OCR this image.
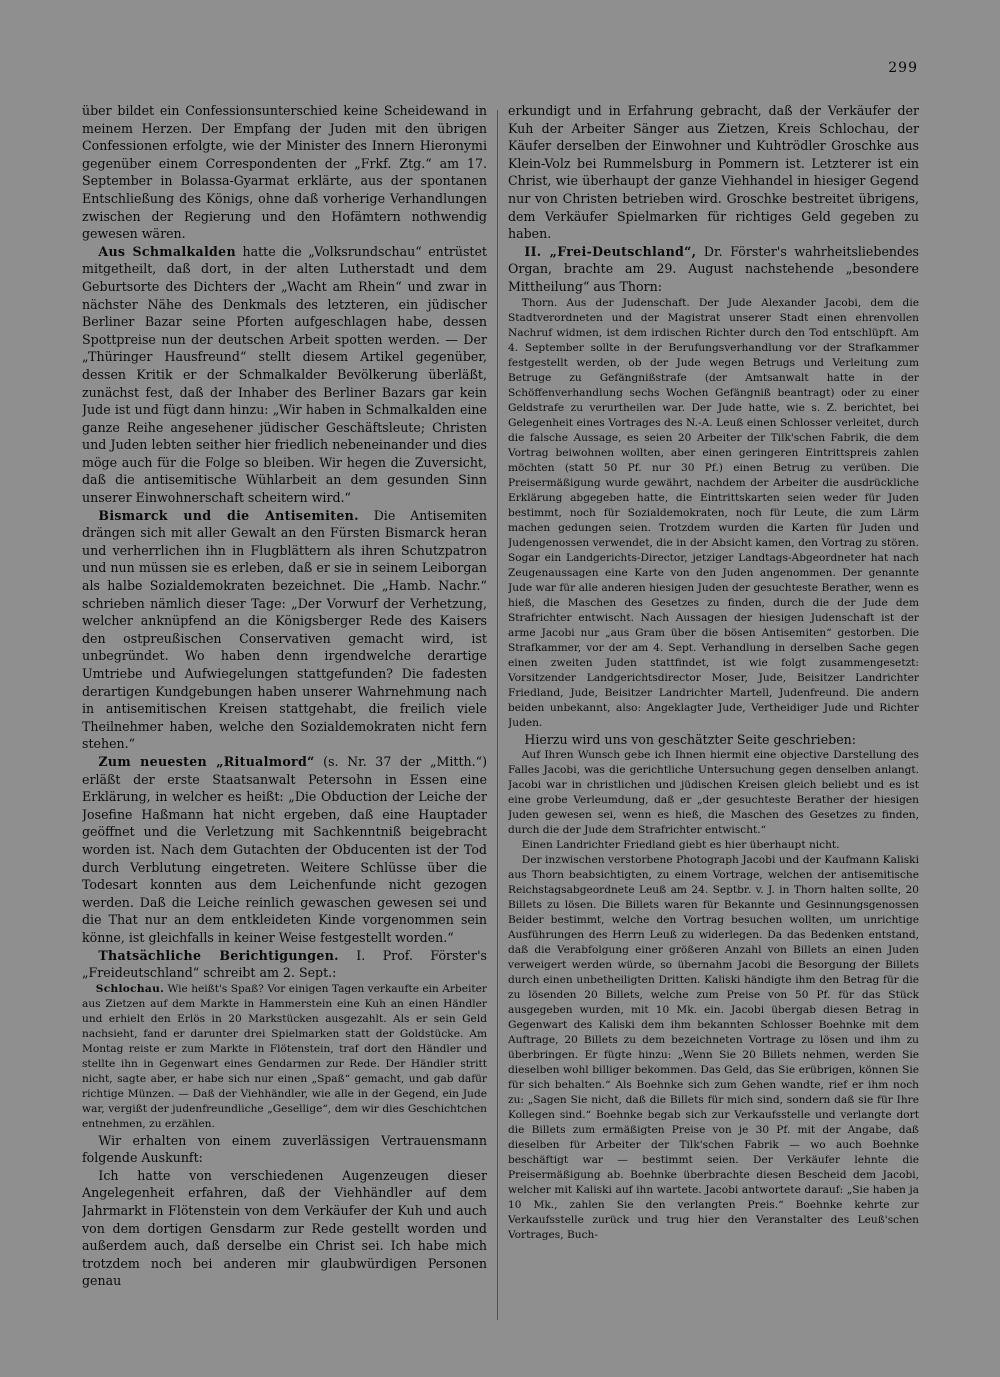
299

über bildet ein Confessionsunterschied keine Scheidewand in meinem Herzen. Der Empfang der Juden mit den übrigen Confessionen erfolgte, wie der Minister des Innern Hieronymi gegenüber einem Correspondenten der „Frkf. Ztg.“ am 17. September in Bolassa-Gyarmat erklärte, aus der spontanen Entschließung des Königs, ohne daß vorherige Verhandlungen zwischen der Regierung und den Hofämtern nothwendig gewesen wären.

Aus Schmalkalden hatte die „Volksrundschau“ entrüstet mitgetheilt, daß dort, in der alten Lutherstadt und dem Geburtsorte des Dichters der „Wacht am Rhein“ und zwar in nächster Nähe des Denkmals des letzteren, ein jüdischer Berliner Bazar seine Pforten aufgeschlagen habe, dessen Spottpreise nun der deutschen Arbeit spotten werden. — Der „Thüringer Hausfreund“ stellt diesem Artikel gegenüber, dessen Kritik er der Schmalkalder Bevölkerung überläßt, zunächst fest, daß der Inhaber des Berliner Bazars gar kein Jude ist und fügt dann hinzu: „Wir haben in Schmalkalden eine ganze Reihe angesehener jüdischer Geschäftsleute; Christen und Juden lebten seither hier friedlich nebeneinander und dies möge auch für die Folge so bleiben. Wir hegen die Zuversicht, daß die antisemitische Wühlarbeit an dem gesunden Sinn unserer Einwohnerschaft scheitern wird.“

Bismarck und die Antisemiten. Die Antisemiten drängen sich mit aller Gewalt an den Fürsten Bismarck heran und verherrlichen ihn in Flugblättern als ihren Schutzpatron und nun müssen sie es erleben, daß er sie in seinem Leiborgan als halbe Sozialdemokraten bezeichnet. Die „Hamb. Nachr.“ schrieben nämlich dieser Tage: „Der Vorwurf der Verhetzung, welcher anknüpfend an die Königsberger Rede des Kaisers den ostpreußischen Conservativen gemacht wird, ist unbegründet. Wo haben denn irgendwelche derartige Umtriebe und Aufwiegelungen stattgefunden? Die fadesten derartigen Kundgebungen haben unserer Wahrnehmung nach in antisemitischen Kreisen stattgehabt, die freilich viele Theilnehmer haben, welche den Sozialdemokraten nicht fern stehen.“

Zum neuesten „Ritualmord“ (s. Nr. 37 der „Mitth.“) erläßt der erste Staatsanwalt Petersohn in Essen eine Erklärung, in welcher es heißt: „Die Obduction der Leiche der Josefine Haßmann hat nicht ergeben, daß eine Hauptader geöffnet und die Verletzung mit Sachkenntniß beigebracht worden ist. Nach dem Gutachten der Obducenten ist der Tod durch Verblutung eingetreten. Weitere Schlüsse über die Todesart konnten aus dem Leichenfunde nicht gezogen werden. Daß die Leiche reinlich gewaschen gewesen sei und die That nur an dem entkleideten Kinde vorgenommen sein könne, ist gleichfalls in keiner Weise festgestellt worden.“

Thatsächliche Berichtigungen. I. Prof. Förster's „Freideutschland“ schreibt am 2. Sept.:

Schlochau. Wie heißt's Spaß? Vor einigen Tagen verkaufte ein Arbeiter aus Zietzen auf dem Markte in Hammerstein eine Kuh an einen Händler und erhielt den Erlös in 20 Markstücken ausgezahlt. Als er sein Geld nachsieht, fand er darunter drei Spielmarken statt der Goldstücke. Am Montag reiste er zum Markte in Flötenstein, traf dort den Händler und stellte ihn in Gegenwart eines Gendarmen zur Rede. Der Händler stritt nicht, sagte aber, er habe sich nur einen „Spaß“ gemacht, und gab dafür richtige Münzen. — Daß der Viehhändler, wie alle in der Gegend, ein Jude war, vergißt der judenfreundliche „Gesellige“, dem wir dies Geschichtchen entnehmen, zu erzählen.

Wir erhalten von einem zuverlässigen Vertrauensmann folgende Auskunft:

Ich hatte von verschiedenen Augenzeugen dieser Angelegenheit erfahren, daß der Viehhändler auf dem Jahrmarkt in Flötenstein von dem Verkäufer der Kuh und auch von dem dortigen Gensdarm zur Rede gestellt worden und außerdem auch, daß derselbe ein Christ sei. Ich habe mich trotzdem noch bei anderen mir glaubwürdigen Personen genau

erkundigt und in Erfahrung gebracht, daß der Verkäufer der Kuh der Arbeiter Sänger aus Zietzen, Kreis Schlochau, der Käufer derselben der Einwohner und Kuhtrödler Groschke aus Klein-Volz bei Rummelsburg in Pommern ist. Letzterer ist ein Christ, wie überhaupt der ganze Viehhandel in hiesiger Gegend nur von Christen betrieben wird. Groschke bestreitet übrigens, dem Verkäufer Spielmarken für richtiges Geld gegeben zu haben.

II. „Frei-Deutschland“, Dr. Förster's wahrheitsliebendes Organ, brachte am 29. August nachstehende „besondere Mittheilung“ aus Thorn:

Thorn. Aus der Judenschaft. Der Jude Alexander Jacobi, dem die Stadtverordneten und der Magistrat unserer Stadt einen ehrenvollen Nachruf widmen, ist dem irdischen Richter durch den Tod entschlüpft. Am 4. September sollte in der Berufungsverhandlung vor der Strafkammer festgestellt werden, ob der Jude wegen Betrugs und Verleitung zum Betruge zu Gefängnißstrafe (der Amtsanwalt hatte in der Schöffenverhandlung sechs Wochen Gefängniß beantragt) oder zu einer Geldstrafe zu verurtheilen war. Der Jude hatte, wie s. Z. berichtet, bei Gelegenheit eines Vortrages des N.-A. Leuß einen Schlosser verleitet, durch die falsche Aussage, es seien 20 Arbeiter der Tilk'schen Fabrik, die dem Vortrag beiwohnen wollten, aber einen geringeren Eintrittspreis zahlen möchten (statt 50 Pf. nur 30 Pf.) einen Betrug zu verüben. Die Preisermäßigung wurde gewährt, nachdem der Arbeiter die ausdrückliche Erklärung abgegeben hatte, die Eintrittskarten seien weder für Juden bestimmt, noch für Sozialdemokraten, noch für Leute, die zum Lärm machen gedungen seien. Trotzdem wurden die Karten für Juden und Judengenossen verwendet, die in der Absicht kamen, den Vortrag zu stören. Sogar ein Landgerichts-Director, jetziger Landtags-Abgeordneter hat nach Zeugenaussagen eine Karte von den Juden angenommen. Der genannte Jude war für alle anderen hiesigen Juden der gesuchteste Berather, wenn es hieß, die Maschen des Gesetzes zu finden, durch die der Jude dem Strafrichter entwischt. Nach Aussagen der hiesigen Judenschaft ist der arme Jacobi nur „aus Gram über die bösen Antisemiten“ gestorben. Die Strafkammer, vor der am 4. Sept. Verhandlung in derselben Sache gegen einen zweiten Juden stattfindet, ist wie folgt zusammengesetzt: Vorsitzender Landgerichtsdirector Moser, Jude, Beisitzer Landrichter Friedland, Jude, Beisitzer Landrichter Martell, Judenfreund. Die andern beiden unbekannt, also: Angeklagter Jude, Vertheidiger Jude und Richter Juden.

Hierzu wird uns von geschätzter Seite geschrieben:

Auf Ihren Wunsch gebe ich Ihnen hiermit eine objective Darstellung des Falles Jacobi, was die gerichtliche Untersuchung gegen denselben anlangt. Jacobi war in christlichen und jüdischen Kreisen gleich beliebt und es ist eine grobe Verleumdung, daß er „der gesuchteste Berather der hiesigen Juden gewesen sei, wenn es hieß, die Maschen des Gesetzes zu finden, durch die der Jude dem Strafrichter entwischt.“

Einen Landrichter Friedland giebt es hier überhaupt nicht.

Der inzwischen verstorbene Photograph Jacobi und der Kaufmann Kaliski aus Thorn beabsichtigten, zu einem Vortrage, welchen der antisemitische Reichstagsabgeordnete Leuß am 24. Septbr. v. J. in Thorn halten sollte, 20 Billets zu lösen. Die Billets waren für Bekannte und Gesinnungsgenossen Beider bestimmt, welche den Vortrag besuchen wollten, um unrichtige Ausführungen des Herrn Leuß zu widerlegen. Da das Bedenken entstand, daß die Verabfolgung einer größeren Anzahl von Billets an einen Juden verweigert werden würde, so übernahm Jacobi die Besorgung der Billets durch einen unbetheiligten Dritten. Kaliski händigte ihm den Betrag für die zu lösenden 20 Billets, welche zum Preise von 50 Pf. für das Stück ausgegeben wurden, mit 10 Mk. ein. Jacobi übergab diesen Betrag in Gegenwart des Kaliski dem ihm bekannten Schlosser Boehnke mit dem Auftrage, 20 Billets zu dem bezeichneten Vortrage zu lösen und ihm zu überbringen. Er fügte hinzu: „Wenn Sie 20 Billets nehmen, werden Sie dieselben wohl billiger bekommen. Das Geld, das Sie erübrigen, können Sie für sich behalten.“ Als Boehnke sich zum Gehen wandte, rief er ihm noch zu: „Sagen Sie nicht, daß die Billets für mich sind, sondern daß sie für Ihre Kollegen sind.“ Boehnke begab sich zur Verkaufsstelle und verlangte dort die Billets zum ermäßigten Preise von je 30 Pf. mit der Angabe, daß dieselben für Arbeiter der Tilk'schen Fabrik — wo auch Boehnke beschäftigt war — bestimmt seien. Der Verkäufer lehnte die Preisermäßigung ab. Boehnke überbrachte diesen Bescheid dem Jacobi, welcher mit Kaliski auf ihn wartete. Jacobi antwortete darauf: „Sie haben ja 10 Mk., zahlen Sie den verlangten Preis.“ Boehnke kehrte zur Verkaufsstelle zurück und trug hier den Veranstalter des Leuß'schen Vortrages, Buch-
